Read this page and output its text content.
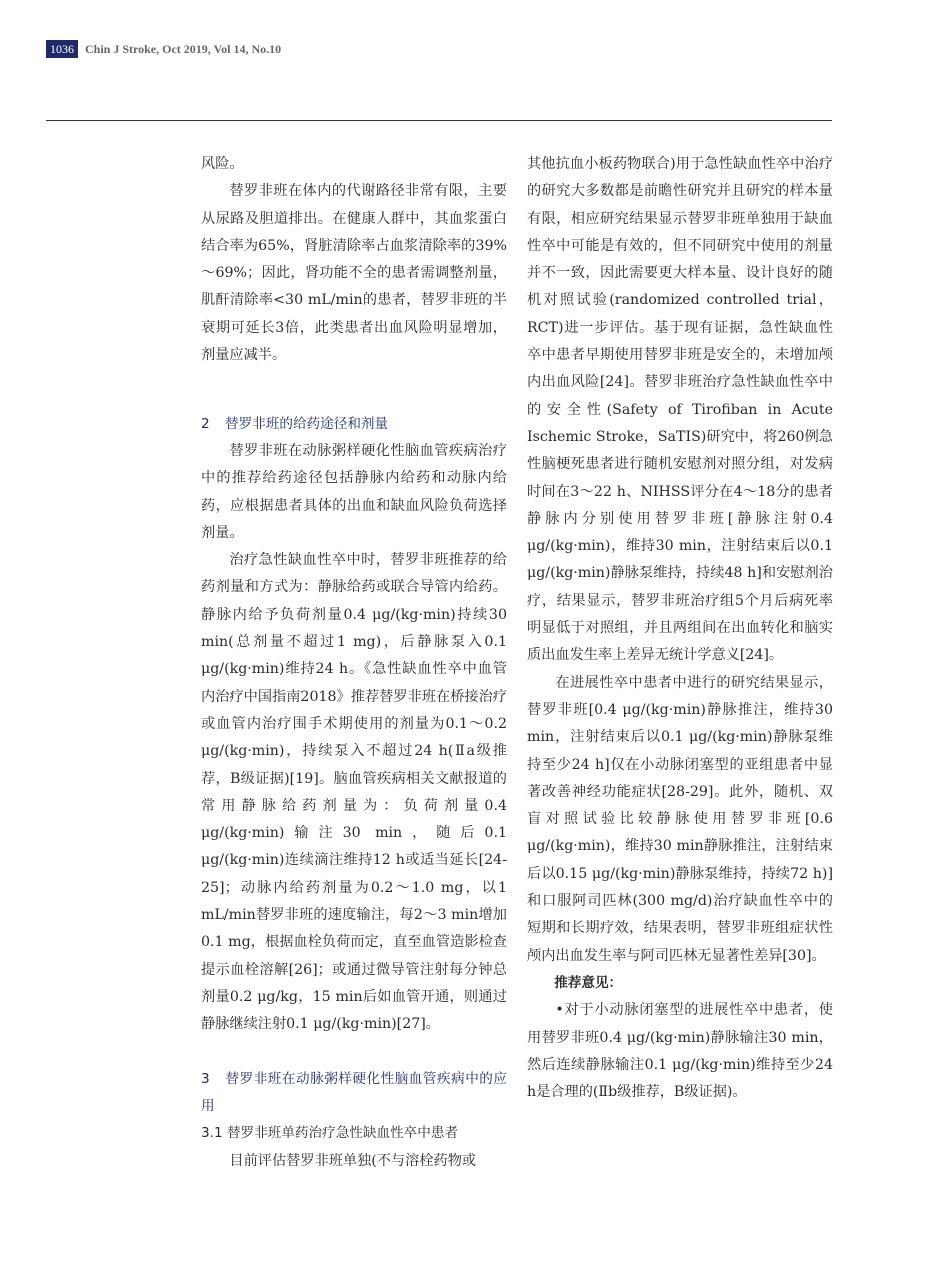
1036 Chin J Stroke, Oct 2019, Vol 14, No.10

风险。

替罗非班在体内的代谢路径非常有限，主要从尿路及胆道排出。在健康人群中，其血浆蛋白结合率为65%，肾脏清除率占血浆清除率的39%～69%；因此，肾功能不全的患者需调整剂量，肌酐清除率<30 mL/min的患者，替罗非班的半衰期可延长3倍，此类患者出血风险明显增加，剂量应减半。

2 替罗非班的给药途径和剂量

替罗非班在动脉粥样硬化性脑血管疾病治疗中的推荐给药途径包括静脉内给药和动脉内给药，应根据患者具体的出血和缺血风险负荷选择剂量。

治疗急性缺血性卒中时，替罗非班推荐的给药剂量和方式为：静脉给药或联合导管内给药。静脉内给予负荷剂量0.4 μg/(kg·min)持续30 min(总剂量不超过1 mg)，后静脉泵入0.1 μg/(kg·min)维持24 h。《急性缺血性卒中血管内治疗中国指南2018》推荐替罗非班在桥接治疗或血管内治疗围手术期使用的剂量为0.1～0.2 μg/(kg·min)，持续泵入不超过24 h(Ⅱa级推荐，B级证据)[19]。脑血管疾病相关文献报道的常用静脉给药剂量为：负荷剂量0.4 μg/(kg·min)输注30 min，随后0.1 μg/(kg·min)连续滴注维持12 h或适当延长[24-25]；动脉内给药剂量为0.2～1.0 mg，以1 mL/min替罗非班的速度输注，每2～3 min增加0.1 mg，根据血栓负荷而定，直至血管造影检查提示血栓溶解[26]；或通过微导管注射每分钟总剂量0.2 μg/kg，15 min后如血管开通，则通过静脉继续注射0.1 μg/(kg·min)[27]。

3 替罗非班在动脉粥样硬化性脑血管疾病中的应用

3.1 替罗非班单药治疗急性缺血性卒中患者

目前评估替罗非班单独(不与溶栓药物或

其他抗血小板药物联合)用于急性缺血性卒中治疗的研究大多数都是前瞻性研究并且研究的样本量有限，相应研究结果显示替罗非班单独用于缺血性卒中可能是有效的，但不同研究中使用的剂量并不一致，因此需要更大样本量、设计良好的随机对照试验(randomized controlled trial，RCT)进一步评估。基于现有证据，急性缺血性卒中患者早期使用替罗非班是安全的，未增加颅内出血风险[24]。替罗非班治疗急性缺血性卒中的安全性(Safety of Tirofiban in Acute Ischemic Stroke，SaTIS)研究中，将260例急性脑梗死患者进行随机安慰剂对照分组，对发病时间在3～22 h、NIHSS评分在4～18分的患者静脉内分别使用替罗非班[静脉注射0.4 μg/(kg·min)，维持30 min，注射结束后以0.1 μg/(kg·min)静脉泵维持，持续48 h]和安慰剂治疗，结果显示，替罗非班治疗组5个月后病死率明显低于对照组，并且两组间在出血转化和脑实质出血发生率上差异无统计学意义[24]。

在进展性卒中患者中进行的研究结果显示，替罗非班[0.4 μg/(kg·min)静脉推注，维持30 min，注射结束后以0.1 μg/(kg·min)静脉泵维持至少24 h]仅在小动脉闭塞型的亚组患者中显著改善神经功能症状[28-29]。此外，随机、双盲对照试验比较静脉使用替罗非班[0.6 μg/(kg·min)，维持30 min静脉推注，注射结束后以0.15 μg/(kg·min)静脉泵维持，持续72 h)]和口服阿司匹林(300 mg/d)治疗缺血性卒中的短期和长期疗效，结果表明，替罗非班组症状性颅内出血发生率与阿司匹林无显著性差异[30]。

推荐意见：

•对于小动脉闭塞型的进展性卒中患者，使用替罗非班0.4 μg/(kg·min)静脉输注30 min，然后连续静脉输注0.1 μg/(kg·min)维持至少24 h是合理的(Ⅱb级推荐，B级证据)。
